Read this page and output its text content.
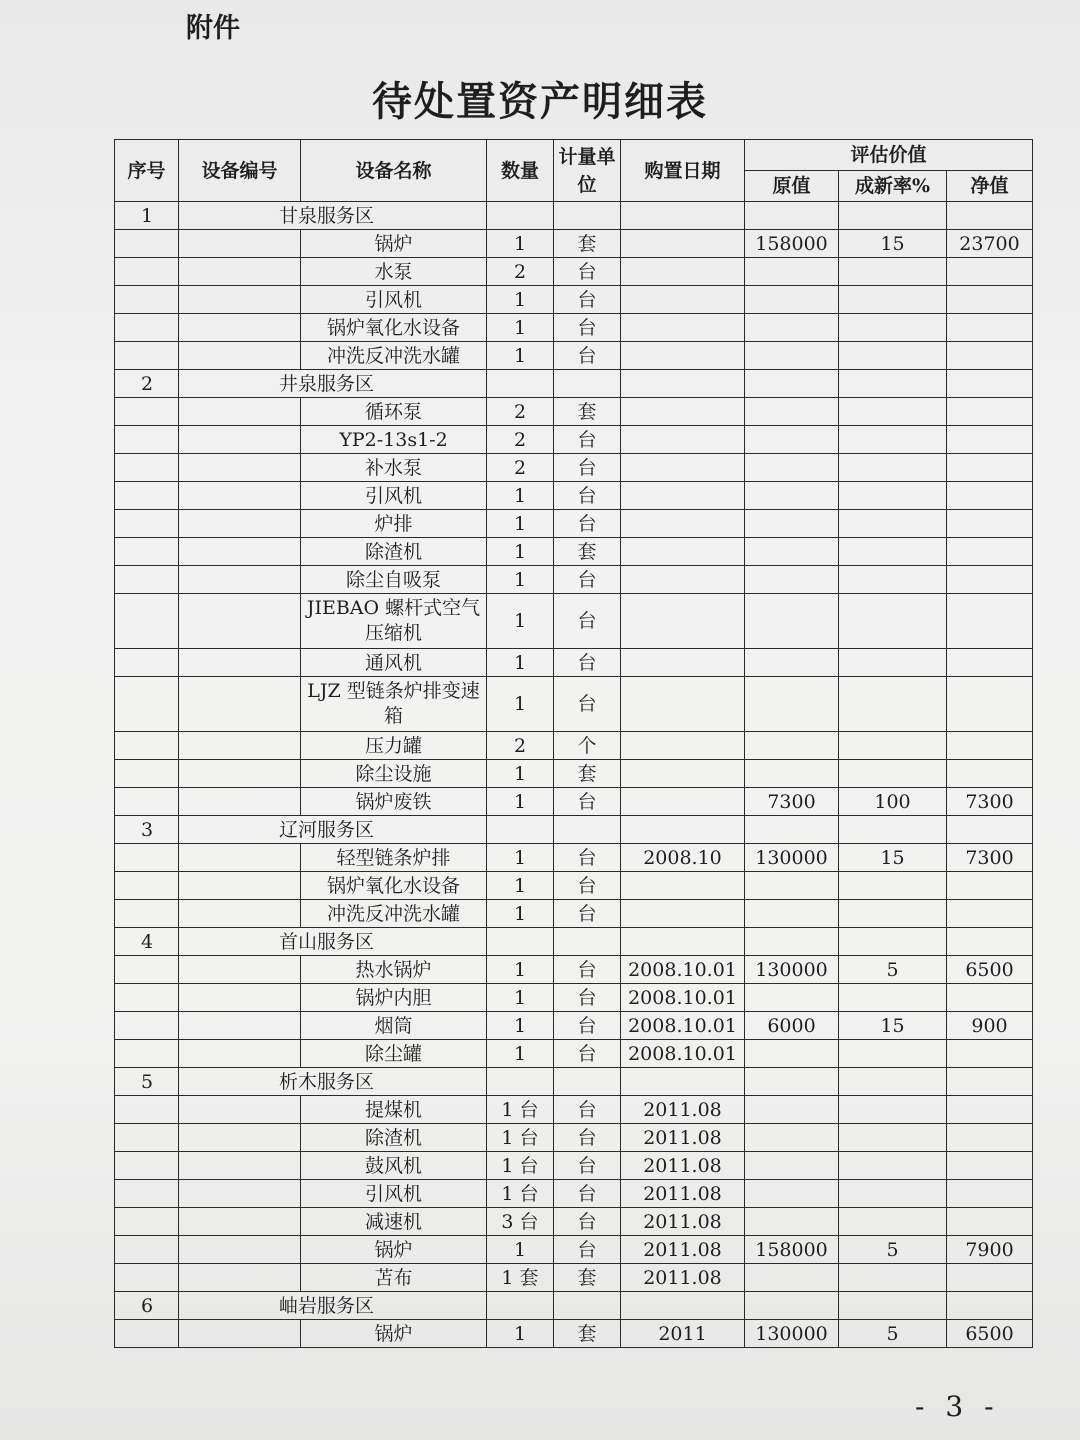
附件
待处置资产明细表
序号	设备编号	设备名称	数量	计量单位	购置日期	评估价值		
						原值	成新率%	净值
1	甘泉服务区							
		锅炉	1	套		158000	15	23700
		水泵	2	台				
		引风机	1	台				
		锅炉氧化水设备	1	台				
		冲洗反冲洗水罐	1	台				
2	井泉服务区							
		循环泵	2	套				
		YP2-13s1-2	2	台				
		补水泵	2	台				
		引风机	1	台				
		炉排	1	台				
		除渣机	1	套				
		除尘自吸泵	1	台				
		JIEBAO 螺杆式空气压缩机	1	台				
		通风机	1	台				
		LJZ 型链条炉排变速箱	1	台				
		压力罐	2	个				
		除尘设施	1	套				
		锅炉废铁	1	台		7300	100	7300
3	辽河服务区							
		轻型链条炉排	1	台	2008.10	130000	15	7300
		锅炉氧化水设备	1	台				
		冲洗反冲洗水罐	1	台				
4	首山服务区							
		热水锅炉	1	台	2008.10.01	130000	5	6500
		锅炉内胆	1	台	2008.10.01			
		烟筒	1	台	2008.10.01	6000	15	900
		除尘罐	1	台	2008.10.01			
5	析木服务区							
		提煤机	1 台	台	2011.08			
		除渣机	1 台	台	2011.08			
		鼓风机	1 台	台	2011.08			
		引风机	1 台	台	2011.08			
		减速机	3 台	台	2011.08			
		锅炉	1	台	2011.08	158000	5	7900
		苫布	1 套	套	2011.08			
6	岫岩服务区							
		锅炉	1	套	2011	130000	5	6500
- 3 -
